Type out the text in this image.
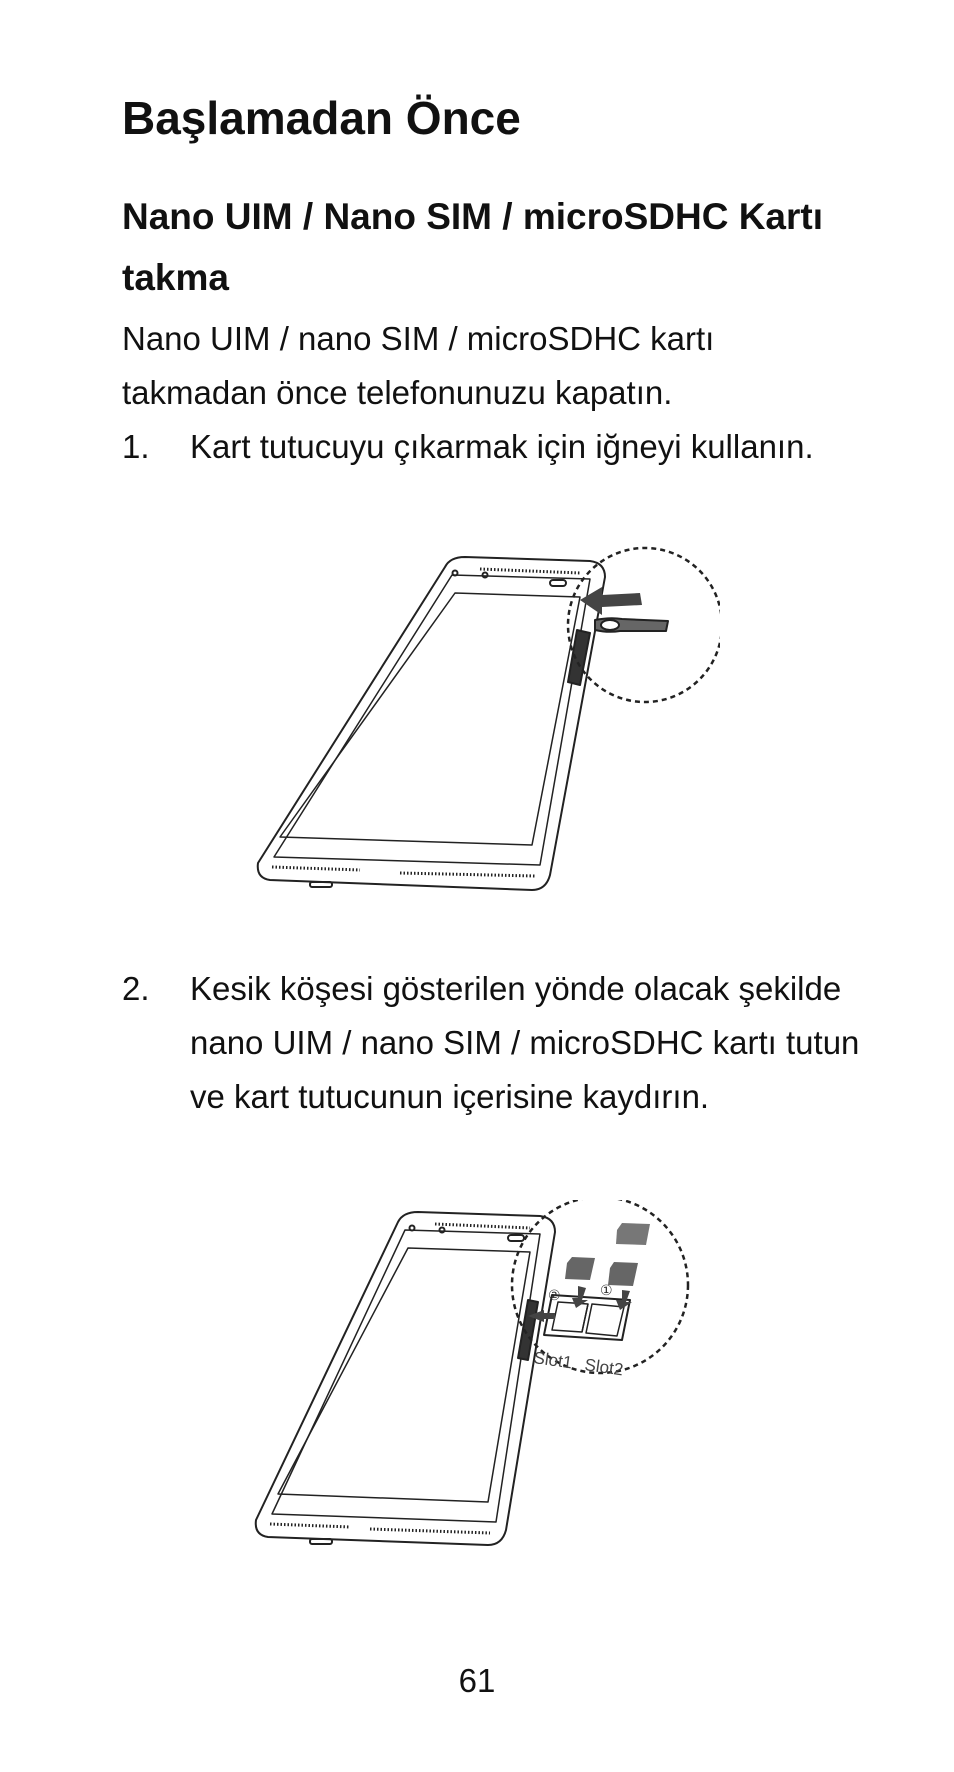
Başlamadan Önce
Nano UIM / Nano SIM / microSDHC Kartı takma

Nano UIM / nano SIM / microSDHC kartı takmadan önce telefonunuzu kapatın.

1. Kart tutucuyu çıkarmak için iğneyi kullanın.
2. Kesik köşesi gösterilen yönde olacak şekilde nano UIM / nano SIM / microSDHC kartı tutun ve kart tutucunun içerisine kaydırın.
①
②
Slot1 Slot2
61
